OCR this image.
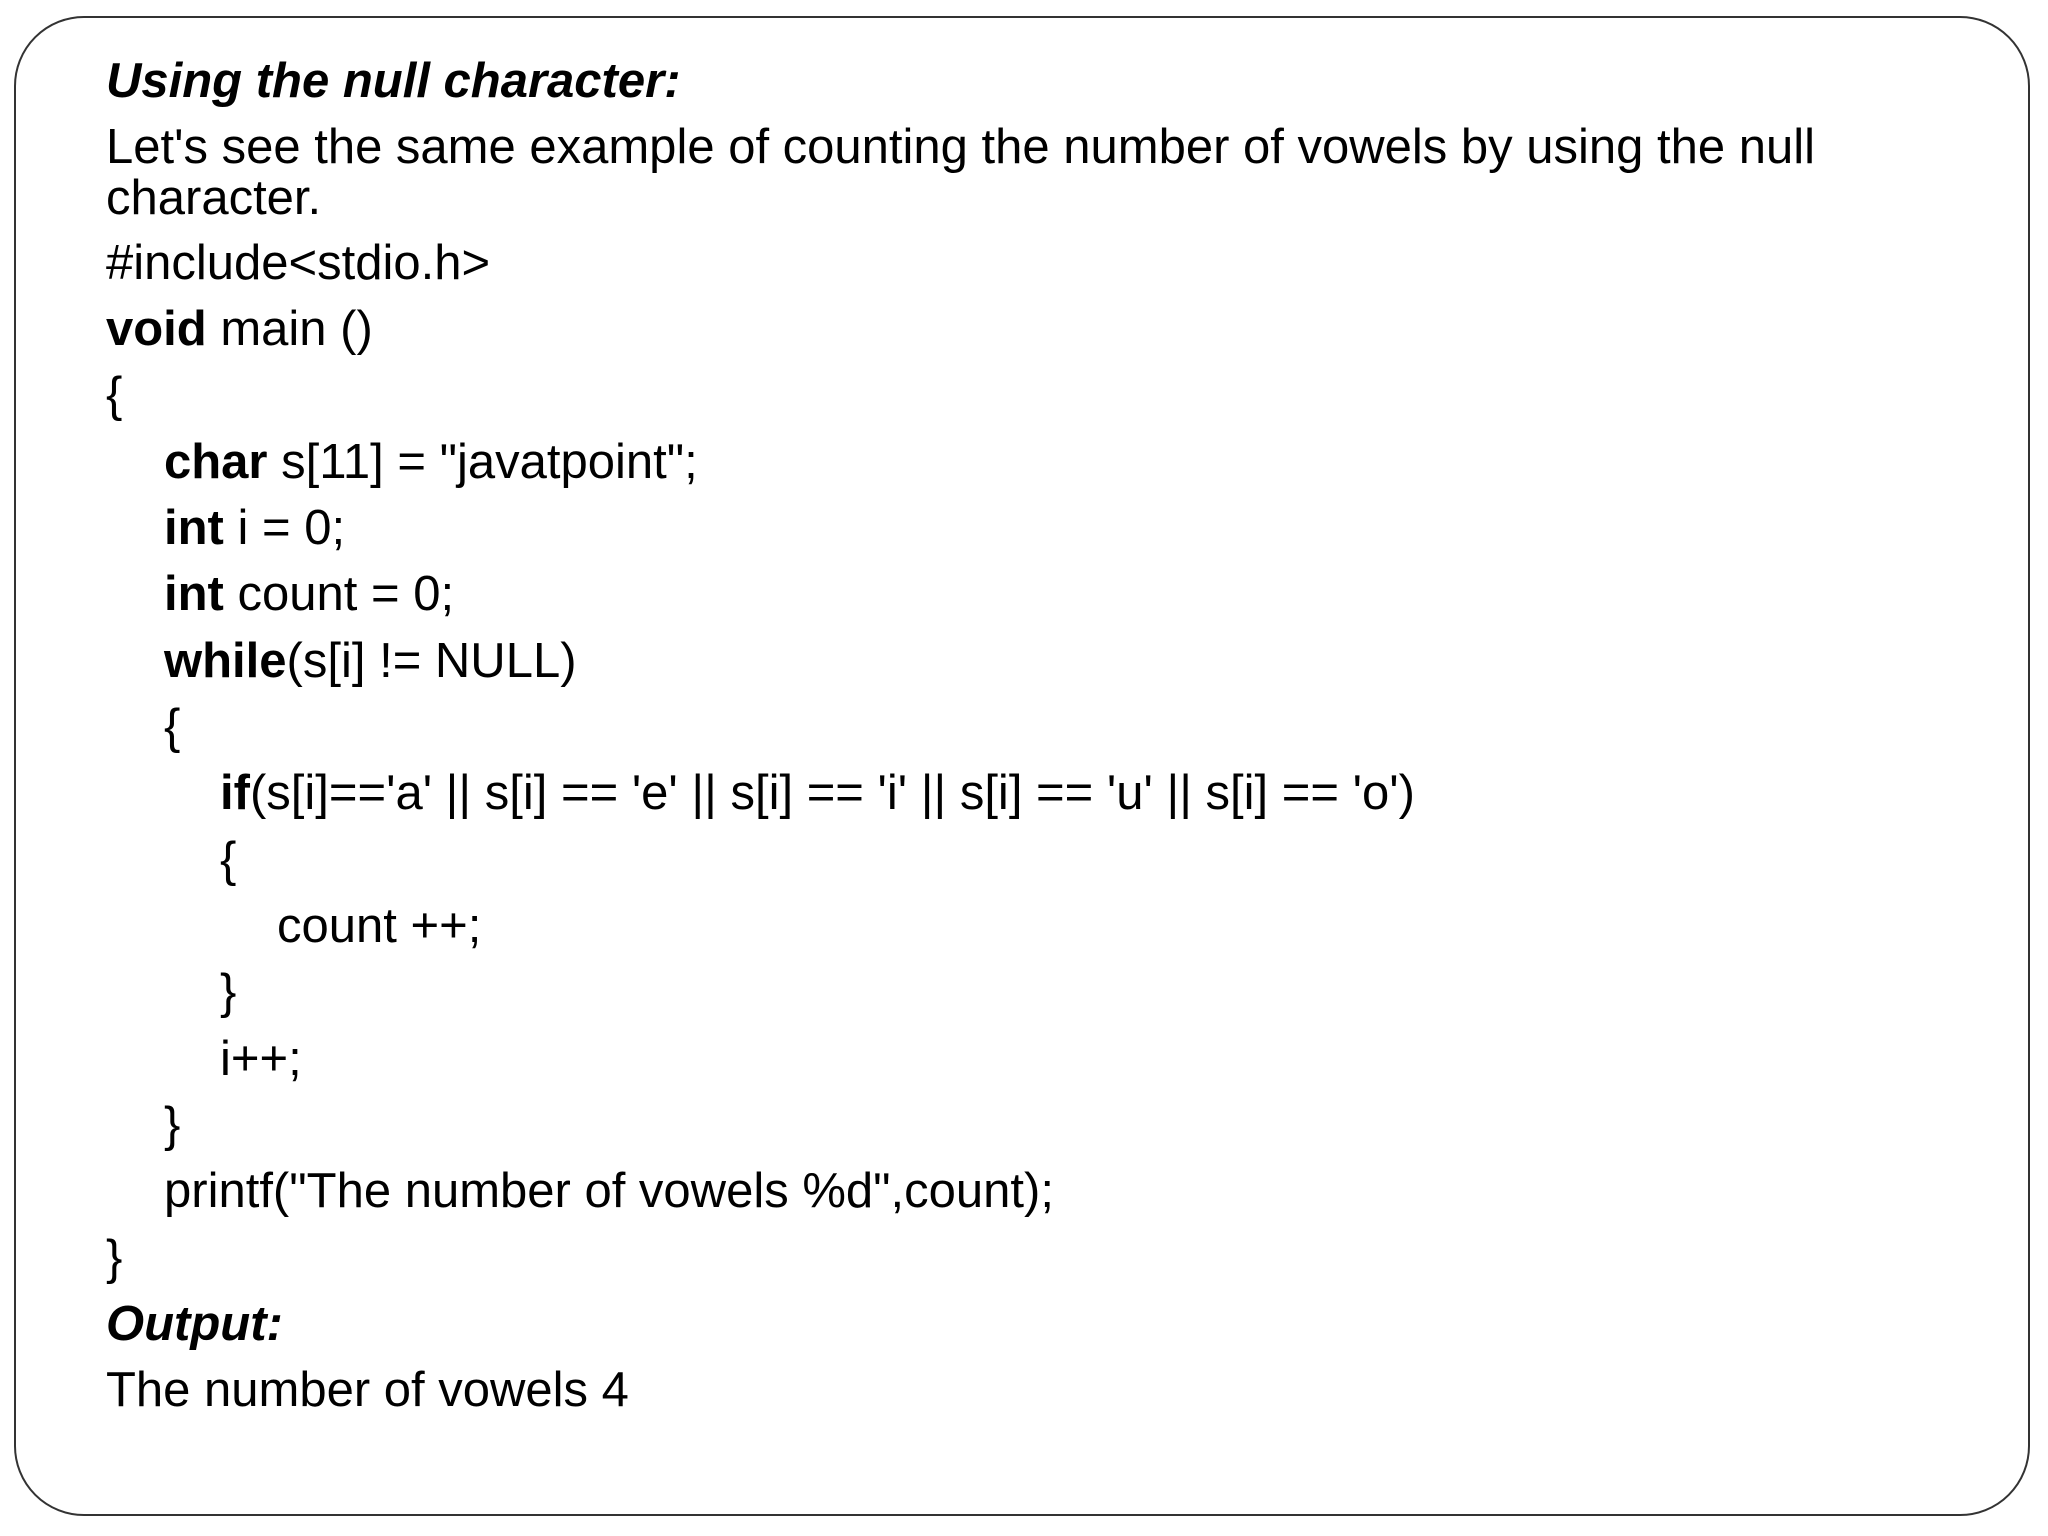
Using the null character:

Let's see the same example of counting the number of vowels by using the null

character.

#include<stdio.h>

void main ()

{

char s[11] = "javatpoint";

int i = 0;

int count = 0;

while(s[i] != NULL)

{

if(s[i]=='a' || s[i] == 'e' || s[i] == 'i' || s[i] == 'u' || s[i] == 'o')

{

count ++;

}

i++;

}

printf("The number of vowels %d",count);

}

Output:

The number of vowels 4
